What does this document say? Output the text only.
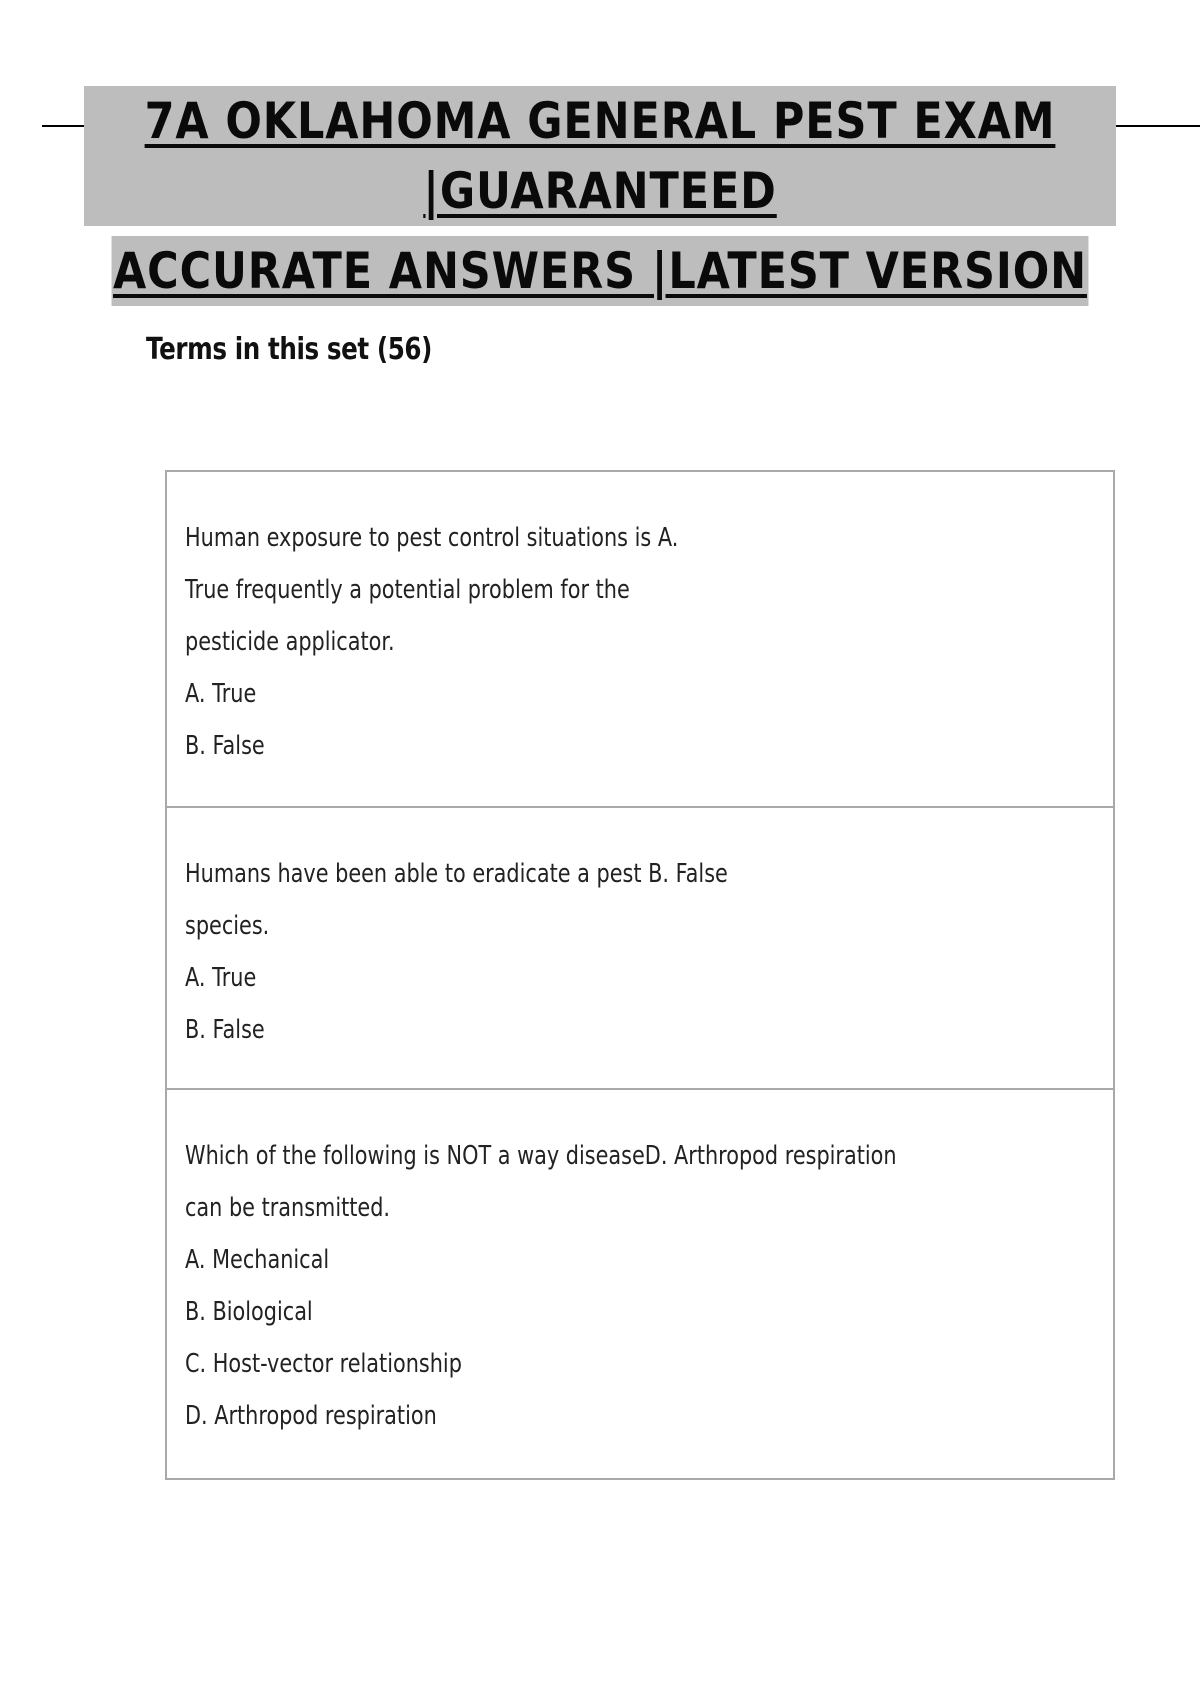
7A OKLAHOMA GENERAL PEST EXAM |GUARANTEED
ACCURATE ANSWERS |LATEST VERSION
Terms in this set (56)
Human exposure to pest control situations is A.
True frequently a potential problem for the
pesticide applicator.
A. True
B. False
Humans have been able to eradicate a pest B. False
species.
A. True
B. False
Which of the following is NOT a way diseaseD. Arthropod respiration
can be transmitted.
A. Mechanical
B. Biological
C. Host-vector relationship
D. Arthropod respiration
